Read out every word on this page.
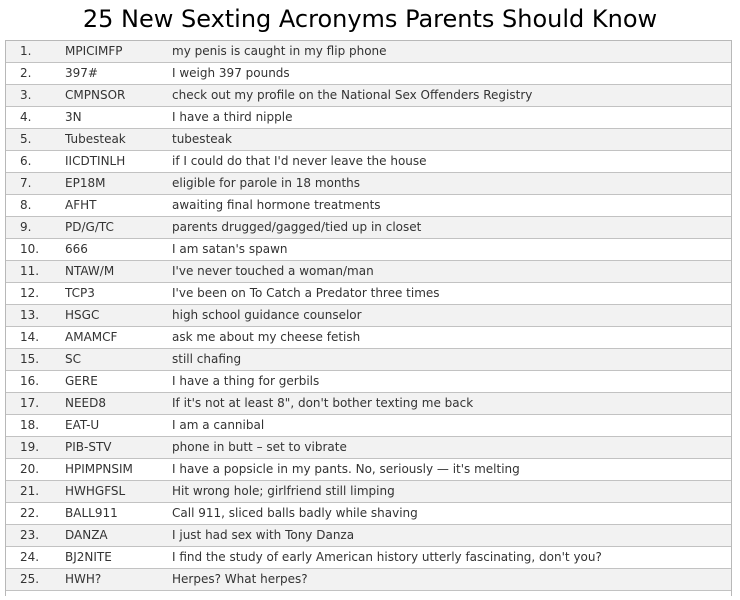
25 New Sexting Acronyms Parents Should Know
1.	MPICIMFP	my penis is caught in my flip phone
2.	397#	I weigh 397 pounds
3.	CMPNSOR	check out my profile on the National Sex Offenders Registry
4.	3N	I have a third nipple
5.	Tubesteak	tubesteak
6.	IICDTINLH	if I could do that I'd never leave the house
7.	EP18M	eligible for parole in 18 months
8.	AFHT	awaiting final hormone treatments
9.	PD/G/TC	parents drugged/gagged/tied up in closet
10.	666	I am satan's spawn
11.	NTAW/M	I've never touched a woman/man
12.	TCP3	I've been on To Catch a Predator three times
13.	HSGC	high school guidance counselor
14.	AMAMCF	ask me about my cheese fetish
15.	SC	still chafing
16.	GERE	I have a thing for gerbils
17.	NEED8	If it's not at least 8", don't bother texting me back
18.	EAT-U	I am a cannibal
19.	PIB-STV	phone in butt – set to vibrate
20.	HPIMPNSIM	I have a popsicle in my pants. No, seriously — it's melting
21.	HWHGFSL	Hit wrong hole; girlfriend still limping
22.	BALL911	Call 911, sliced balls badly while shaving
23.	DANZA	I just had sex with Tony Danza
24.	BJ2NITE	I find the study of early American history utterly fascinating, don't you?
25.	HWH?	Herpes? What herpes?
